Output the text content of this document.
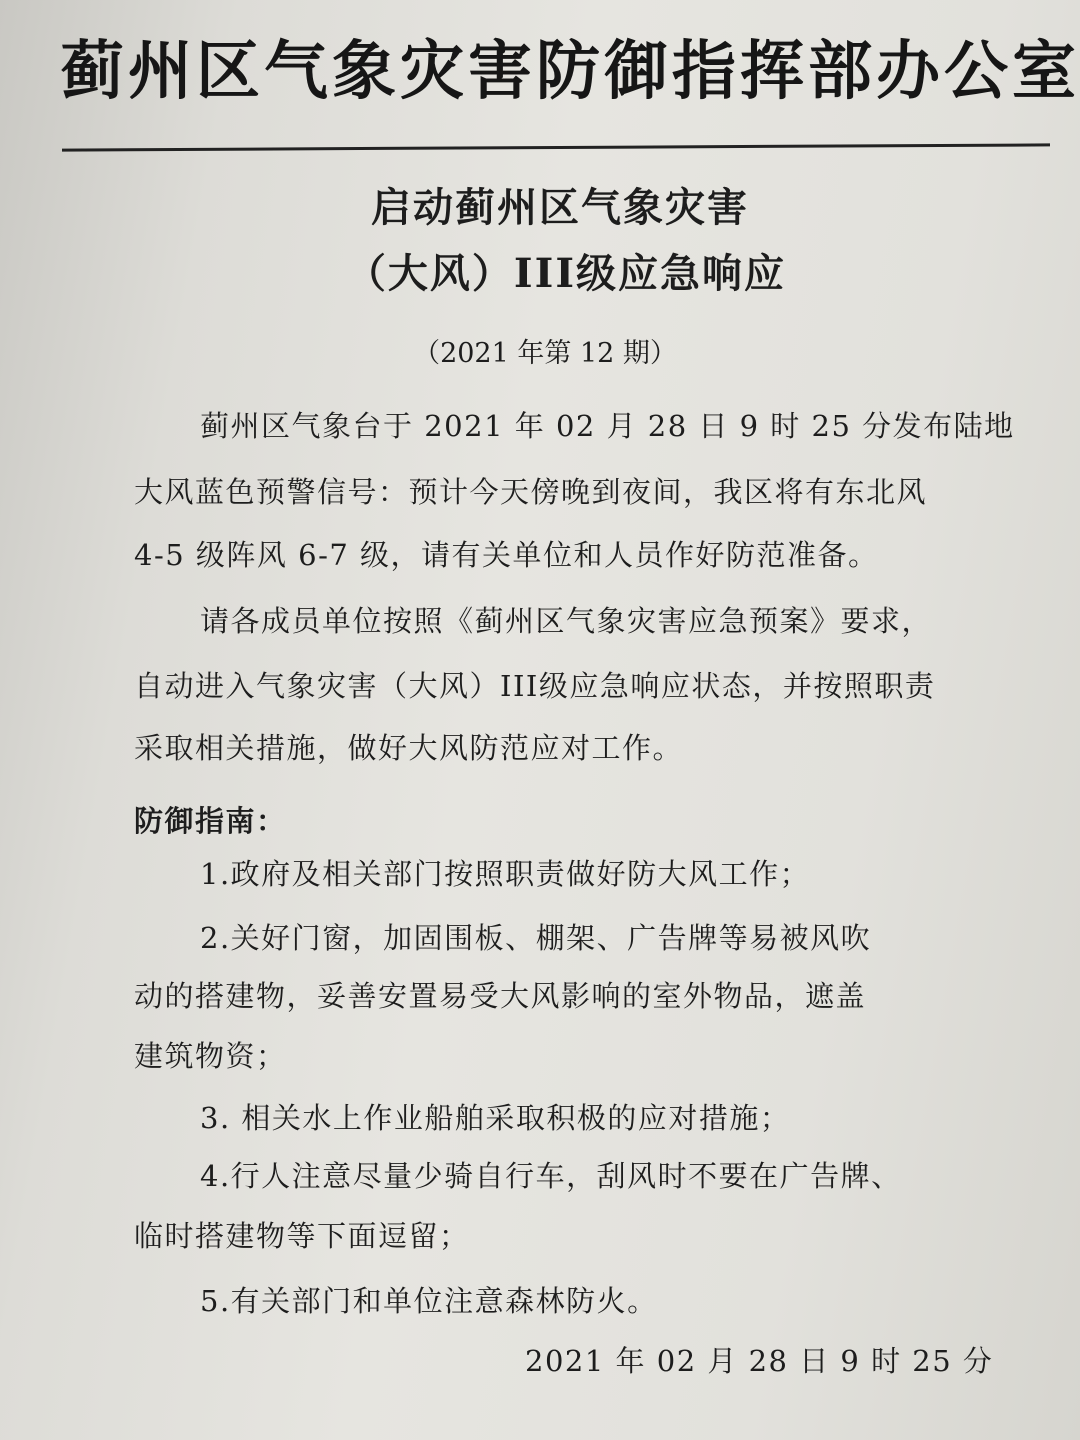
蓟州区气象灾害防御指挥部办公室
启动蓟州区气象灾害
（大风）III级应急响应
（2021 年第 12 期）
蓟州区气象台于 2021 年 02 月 28 日 9 时 25 分发布陆地
大风蓝色预警信号：预计今天傍晚到夜间，我区将有东北风
4-5 级阵风 6-7 级，请有关单位和人员作好防范准备。
请各成员单位按照《蓟州区气象灾害应急预案》要求，
自动进入气象灾害（大风）III级应急响应状态，并按照职责
采取相关措施，做好大风防范应对工作。
防御指南：
1.政府及相关部门按照职责做好防大风工作；
2.关好门窗，加固围板、棚架、广告牌等易被风吹
动的搭建物，妥善安置易受大风影响的室外物品，遮盖
建筑物资；
3. 相关水上作业船舶采取积极的应对措施；
4.行人注意尽量少骑自行车，刮风时不要在广告牌、
临时搭建物等下面逗留；
5.有关部门和单位注意森林防火。
2021 年 02 月 28 日 9 时 25 分
